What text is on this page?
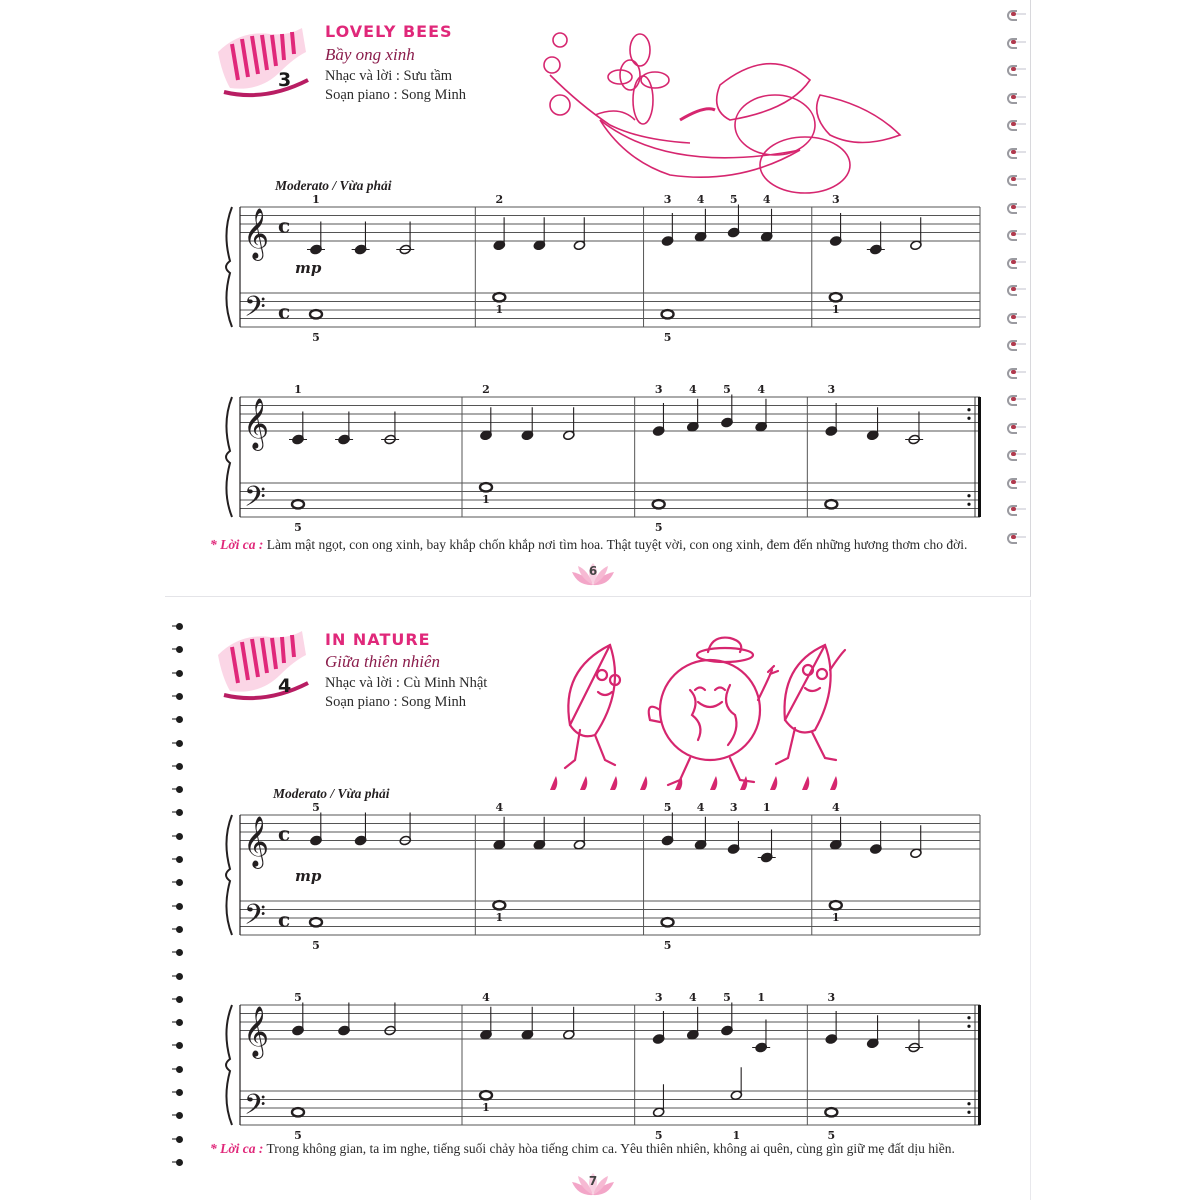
3
LOVELY BEES
Bầy ong xinh
Nhạc và lời : Sưu tầm
Soạn piano : Song Minh
Moderato / Vừa phải
𝄞
𝄢
c
c
mp
1
5
2
1
3 4 5 4
5
3
1
𝄞
𝄢
1
5
2
1
3 4 5 4
5
3
* Lời ca : Làm mật ngọt, con ong xinh, bay khắp chốn khắp nơi tìm hoa. Thật tuyệt vời, con ong xinh, đem đến những hương thơm cho đời.
6
4
IN NATURE
Giữa thiên nhiên
Nhạc và lời : Cù Minh Nhật
Soạn piano : Song Minh
Moderato / Vừa phải
𝄞
𝄢
c
c
mp
5
5
4
1
5 4 3 1
5
4
1
𝄞
𝄢
5
5
4
1
3 4 5 1
5	1
3
5
* Lời ca : Trong không gian, ta im nghe, tiếng suối chảy hòa tiếng chim ca. Yêu thiên nhiên, không ai quên, cùng gìn giữ mẹ đất dịu hiền.
7
